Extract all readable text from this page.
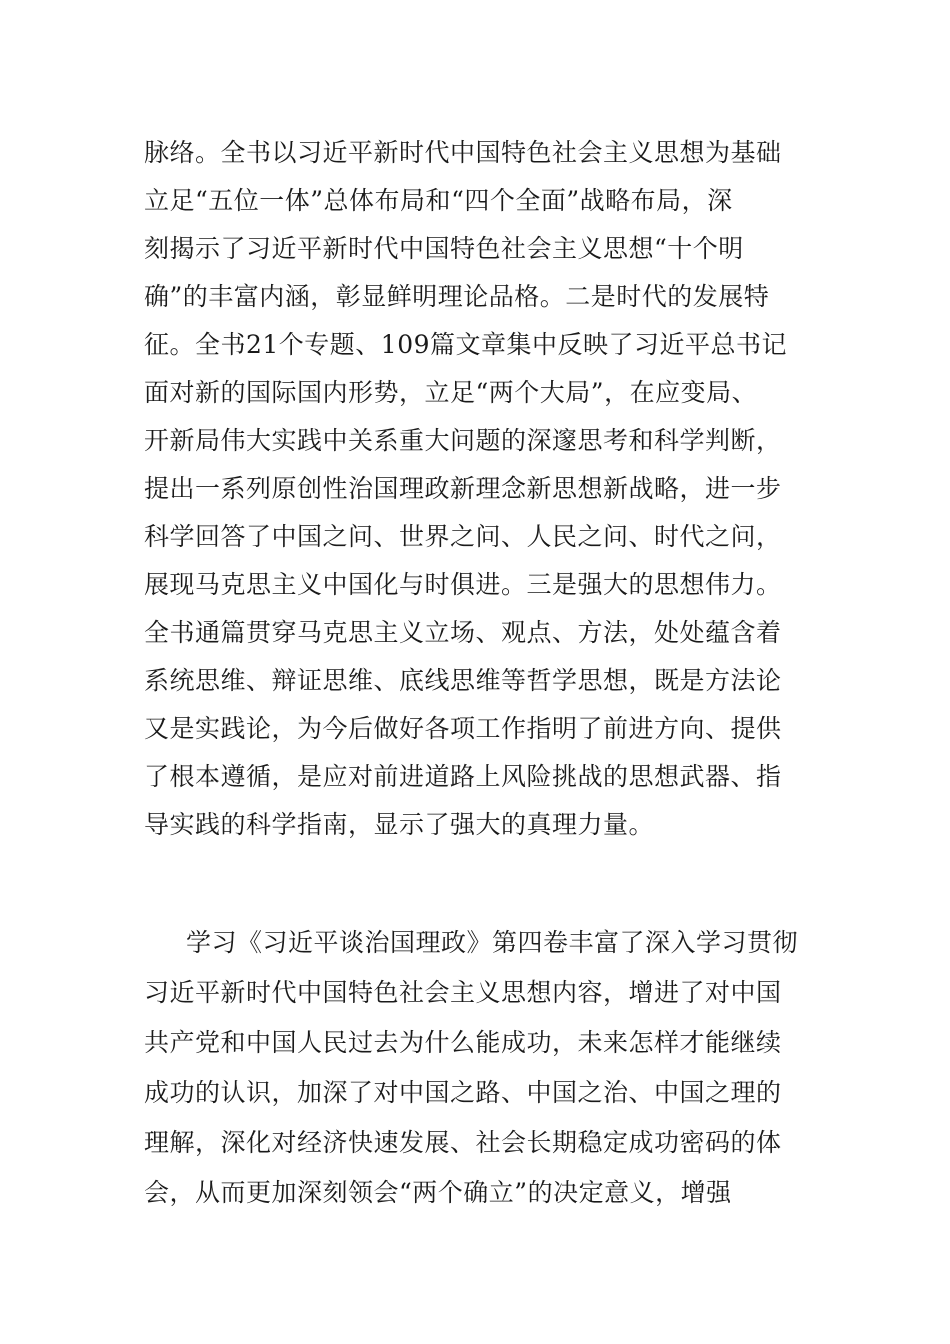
脉络。全书以习近平新时代中国特色社会主义思想为基础
立足“五位一体”总体布局和“四个全面”战略布局，深
刻揭示了习近平新时代中国特色社会主义思想“十个明
确”的丰富内涵，彰显鲜明理论品格。二是时代的发展特
征。全书21个专题、109篇文章集中反映了习近平总书记
面对新的国际国内形势，立足“两个大局”，在应变局、
开新局伟大实践中关系重大问题的深邃思考和科学判断，
提出一系列原创性治国理政新理念新思想新战略，进一步
科学回答了中国之问、世界之问、人民之问、时代之问，
展现马克思主义中国化与时俱进。三是强大的思想伟力。
全书通篇贯穿马克思主义立场、观点、方法，处处蕴含着
系统思维、辩证思维、底线思维等哲学思想，既是方法论
又是实践论，为今后做好各项工作指明了前进方向、提供
了根本遵循，是应对前进道路上风险挑战的思想武器、指
导实践的科学指南，显示了强大的真理力量。
学习《习近平谈治国理政》第四卷丰富了深入学习贯彻
习近平新时代中国特色社会主义思想内容，增进了对中国
共产党和中国人民过去为什么能成功，未来怎样才能继续
成功的认识，加深了对中国之路、中国之治、中国之理的
理解，深化对经济快速发展、社会长期稳定成功密码的体
会，从而更加深刻领会“两个确立”的决定意义，增强
